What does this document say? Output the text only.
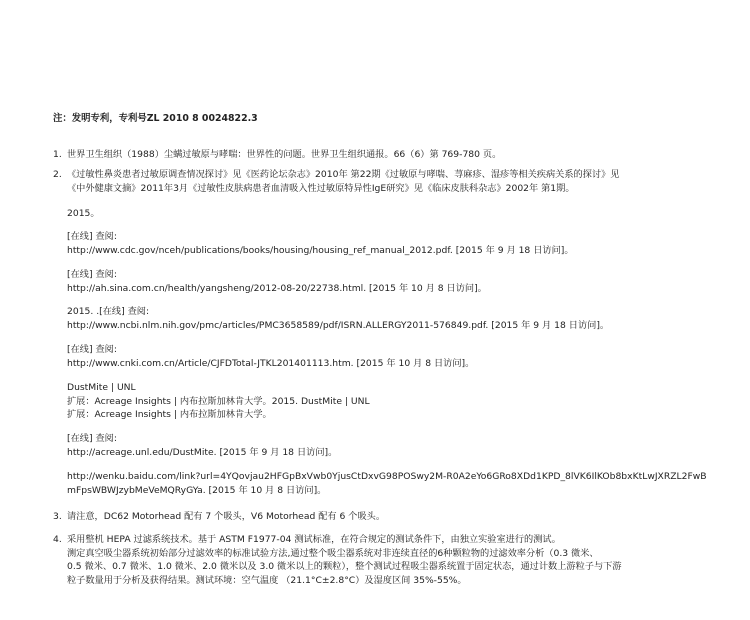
注：发明专利，专利号ZL 2010 8 0024822.3
1. 世界卫生组织（1988）尘螨过敏原与哮喘：世界性的问题。世界卫生组织通报。66（6）第 769-780 页。
2. 《过敏性鼻炎患者过敏原调查情况探讨》见《医药论坛杂志》2010年 第22期《过敏原与哮喘、荨麻疹、湿疹等相关疾病关系的探讨》见
《中外健康文摘》2011年3月《过敏性皮肤病患者血清吸入性过敏原特异性IgE研究》见《临床皮肤科杂志》2002年 第1期。
2015。
[在线] 查阅:
http://www.cdc.gov/nceh/publications/books/housing/housing_ref_manual_2012.pdf. [2015 年 9 月 18 日访问]。
[在线] 查阅:
http://ah.sina.com.cn/health/yangsheng/2012-08-20/22738.html. [2015 年 10 月 8 日访问]。
2015. .[在线] 查阅:
http://www.ncbi.nlm.nih.gov/pmc/articles/PMC3658589/pdf/ISRN.ALLERGY2011-576849.pdf. [2015 年 9 月 18 日访问]。
[在线] 查阅:
http://www.cnki.com.cn/Article/CJFDTotal-JTKL201401113.htm. [2015 年 10 月 8 日访问]。
DustMite | UNL
扩展：Acreage Insights | 内布拉斯加林肯大学。2015. DustMite | UNL
扩展：Acreage Insights | 内布拉斯加林肯大学。
[在线] 查阅:
http://acreage.unl.edu/DustMite. [2015 年 9 月 18 日访问]。
http://wenku.baidu.com/link?url=4YQovjau2HFGpBxVwb0YjusCtDxvG98POSwy2M-R0A2eYo6GRo8XDd1KPD_8lVK6IlKOb8bxKtLwJXRZL2FwB
mFpsWBWJzybMeVeMQRyGYa. [2015 年 10 月 8 日访问]。
3. 请注意，DC62 Motorhead 配有 7 个吸头，V6 Motorhead 配有 6 个吸头。
4. 采用整机 HEPA 过滤系统技术。基于 ASTM F1977-04 测试标准，在符合规定的测试条件下，由独立实验室进行的测试。
测定真空吸尘器系统初始部分过滤效率的标准试验方法,通过整个吸尘器系统对非连续直径的6种颗粒物的过滤效率分析（0.3 微米、
0.5 微米、0.7 微米、1.0 微米、2.0 微米以及 3.0 微米以上的颗粒），整个测试过程吸尘器系统置于固定状态，通过计数上游粒子与下游
粒子数量用于分析及获得结果。测试环境：空气温度 （21.1°C±2.8°C）及湿度区间 35%-55%。
